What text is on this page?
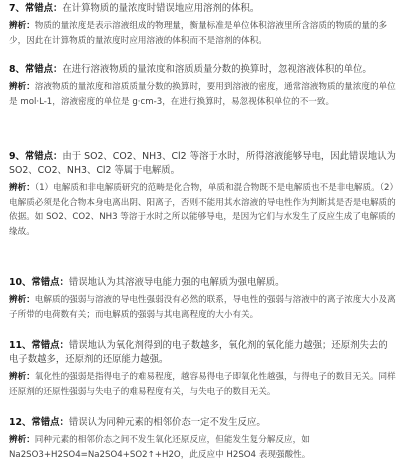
7、常错点：在计算物质的量浓度时错误地应用溶剂的体积。
辨析：物质的量浓度是表示溶液组成的物理量，衡量标准是单位体积溶液里所含溶质的物质的量的多少，因此在计算物质的量浓度时应用溶液的体积而不是溶剂的体积。
8、常错点：在进行溶液物质的量浓度和溶质质量分数的换算时，忽视溶液体积的单位。
辨析：溶液物质的量浓度和溶质质量分数的换算时，要用到溶液的密度，通常溶液物质的量浓度的单位是 mol·L-1，溶液密度的单位是 g·cm-3，在进行换算时，易忽视体积单位的不一致。
9、常错点：由于 SO2、CO2、NH3、Cl2 等溶于水时，所得溶液能够导电，因此错误地认为 SO2、CO2、NH3、Cl2 等属于电解质。
辨析：（1）电解质和非电解质研究的范畴是化合物，单质和混合物既不是电解质也不是非电解质。（2）电解质必须是化合物本身电离出阴、阳离子，否则不能用其水溶液的导电性作为判断其是否是电解质的依据。如 SO2、CO2、NH3 等溶于水时之所以能够导电，是因为它们与水发生了反应生成了电解质的缘故。
10、常错点：错误地认为其溶液导电能力强的电解质为强电解质。
辨析：电解质的强弱与溶液的导电性强弱没有必然的联系，导电性的强弱与溶液中的离子浓度大小及离子所带的电荷数有关；而电解质的强弱与其电离程度的大小有关。
11、常错点：错误地认为氧化剂得到的电子数越多，氧化剂的氧化能力越强；还原剂失去的电子数越多，还原剂的还原能力越强。
辨析：氧化性的强弱是指得电子的难易程度，越容易得电子即氧化性越强，与得电子的数目无关。同样还原剂的还原性强弱与失电子的难易程度有关，与失电子的数目无关。
12、常错点：错误认为同种元素的相邻价态一定不发生反应。
辨析：同种元素的相邻价态之间不发生氧化还原反应，但能发生复分解反应，如 Na2SO3+H2SO4=Na2SO4+SO2↑+H2O，此反应中 H2SO4 表现强酸性。
